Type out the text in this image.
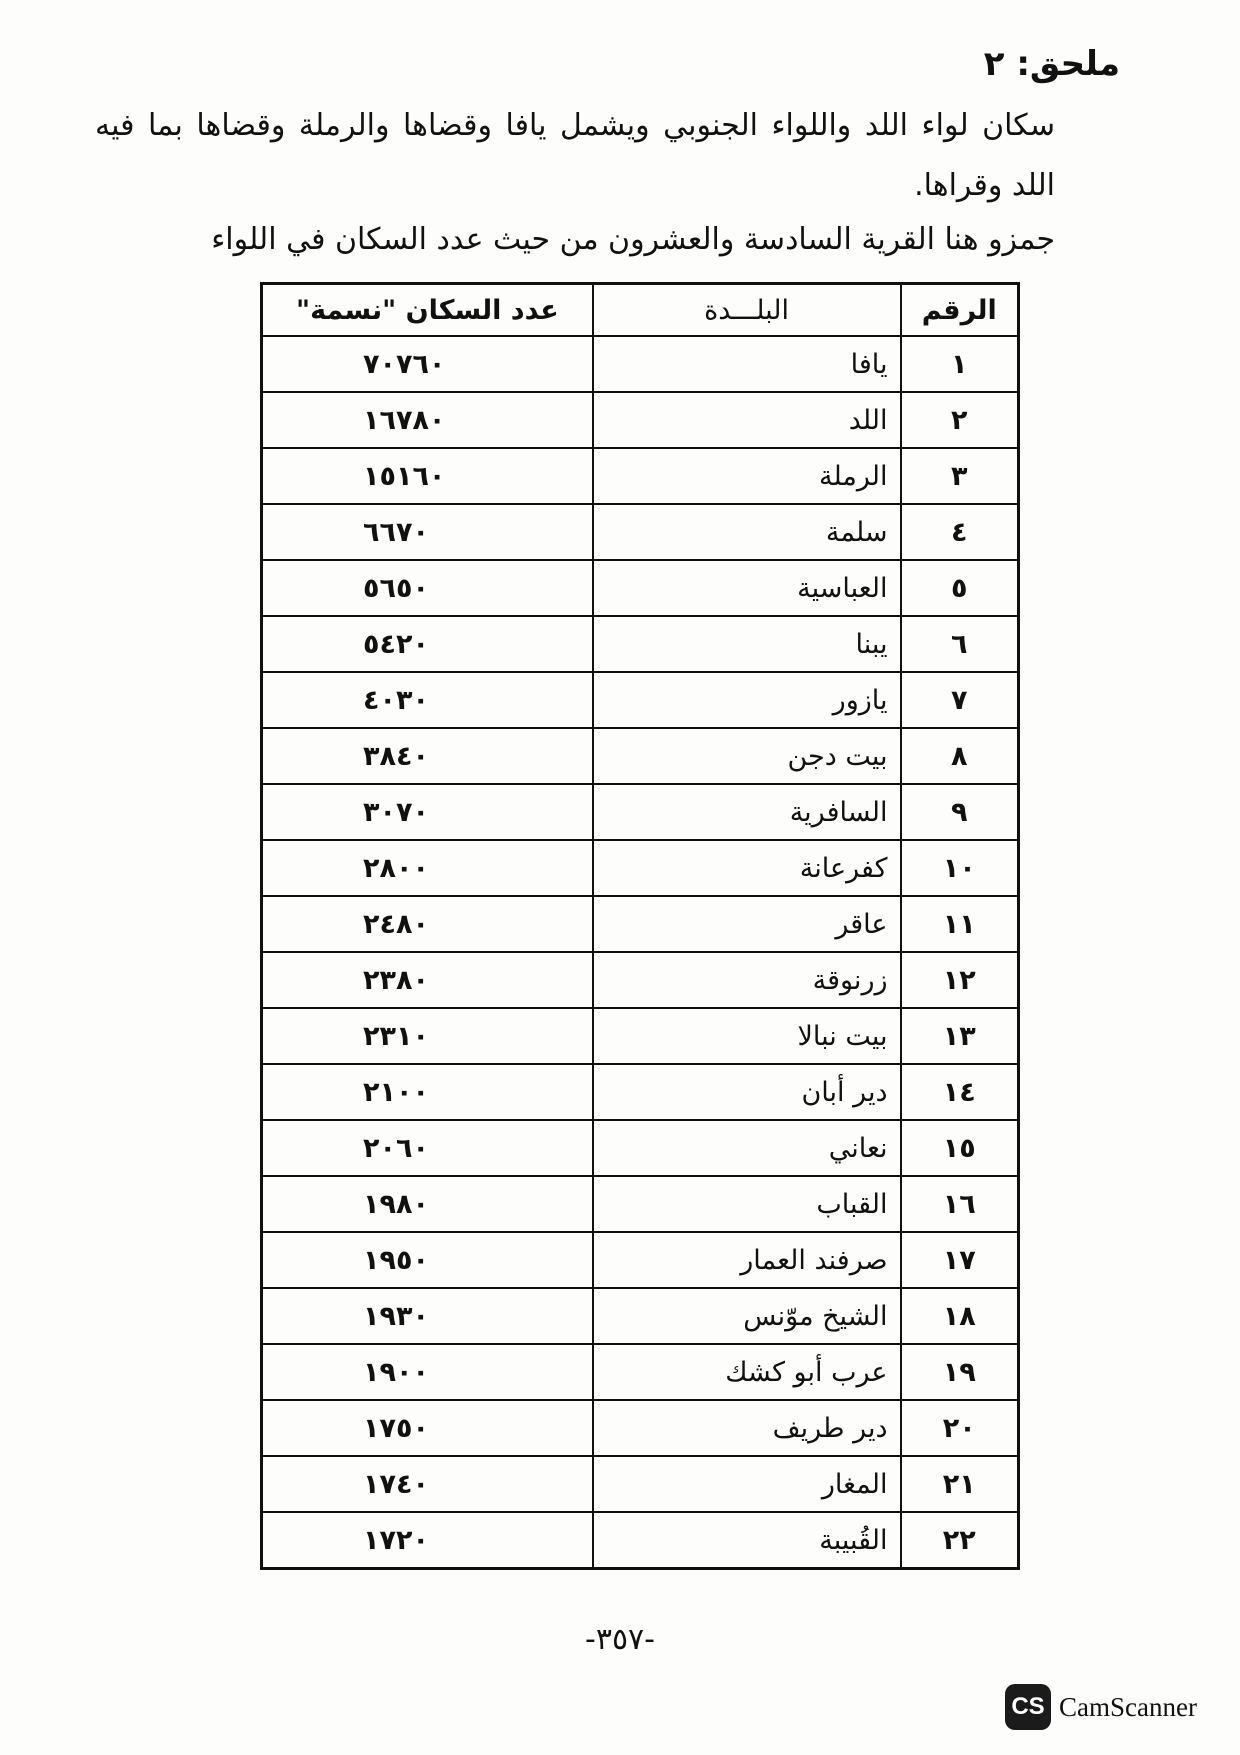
ملحق: ٢
سكان لواء اللد واللواء الجنوبي ويشمل يافا وقضاها والرملة وقضاها بما فيه اللد وقراها.
جمزو هنا القرية السادسة والعشرون من حيث عدد السكان في اللواء
الرقم	البلـــدة	عدد السكان "نسمة"
١	يافا	٧٠٧٦٠
٢	اللد	١٦٧٨٠
٣	الرملة	١٥١٦٠
٤	سلمة	٦٦٧٠
٥	العباسية	٥٦٥٠
٦	يبنا	٥٤٢٠
٧	يازور	٤٠٣٠
٨	بيت دجن	٣٨٤٠
٩	السافرية	٣٠٧٠
١٠	كفرعانة	٢٨٠٠
١١	عاقر	٢٤٨٠
١٢	زرنوقة	٢٣٨٠
١٣	بيت نبالا	٢٣١٠
١٤	دير أبان	٢١٠٠
١٥	نعاني	٢٠٦٠
١٦	القباب	١٩٨٠
١٧	صرفند العمار	١٩٥٠
١٨	الشيخ موّنس	١٩٣٠
١٩	عرب أبو كشك	١٩٠٠
٢٠	دير طريف	١٧٥٠
٢١	المغار	١٧٤٠
٢٢	القُبيبة	١٧٢٠
-٣٥٧-
CS CamScanner
